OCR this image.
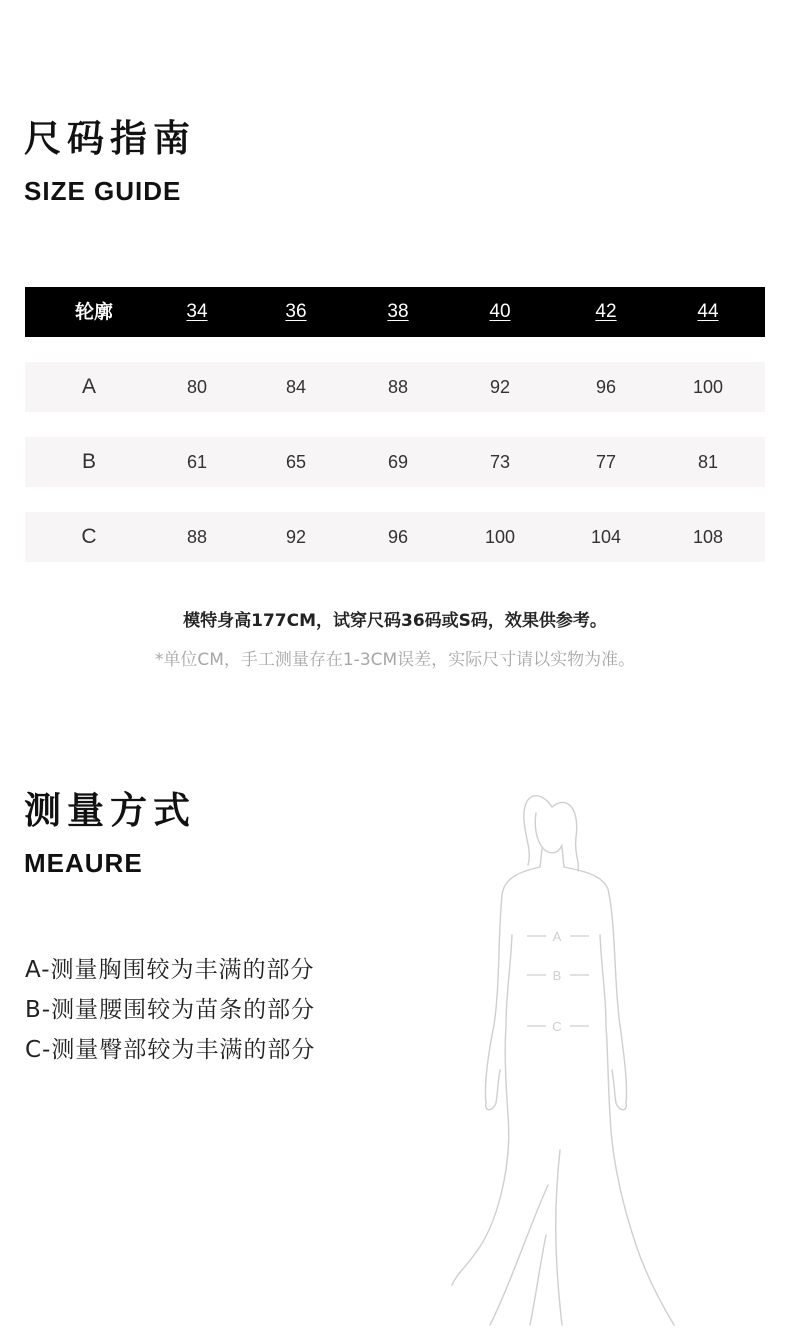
尺码指南
SIZE GUIDE
轮廓	34	36	38	40	42	44
A	80	84	88	92	96	100
B	61	65	69	73	77	81
C	88	92	96	100	104	108
模特身高177CM，试穿尺码36码或S码，效果供参考。
*单位CM，手工测量存在1-3CM误差，实际尺寸请以实物为准。
测量方式
MEAURE
A-测量胸围较为丰满的部分
B-测量腰围较为苗条的部分
C-测量臀部较为丰满的部分
A
B
C
